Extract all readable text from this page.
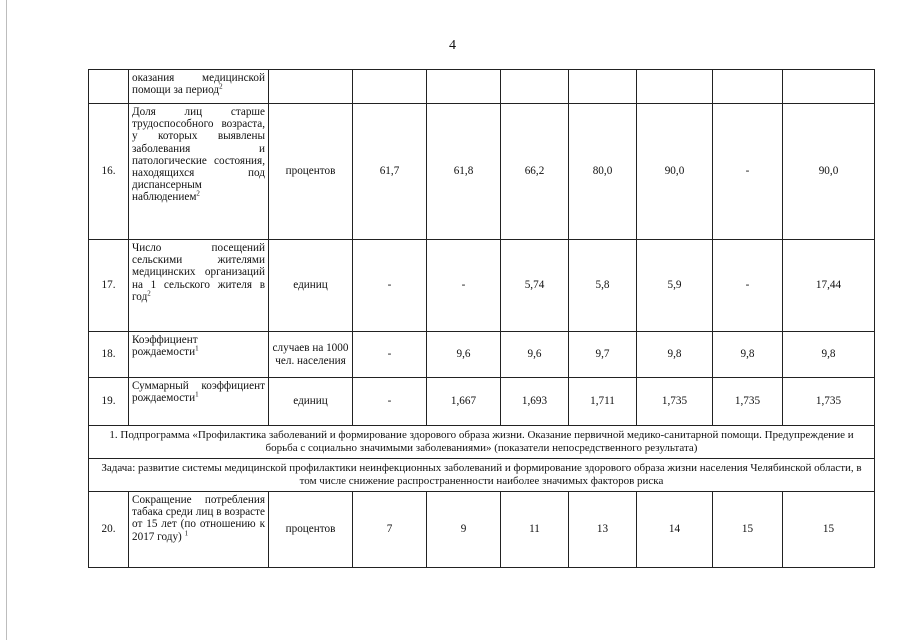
4
	оказания медицинской помощи за период$^2$								
16.	Доля лиц старше трудоспособного возраста, у которых выявлены заболевания и патологические состояния, находящихся под диспансерным наблюдением$^2$	процентов	61,7	61,8	66,2	80,0	90,0	-	90,0
17.	Число посещений сельскими жителями медицинских организаций на 1 сельского жителя в год$^2$	единиц	-	-	5,74	5,8	5,9	-	17,44
18.	Коэффициент рождаемости$^1$	случаев на 1000 чел. населения	-	9,6	9,6	9,7	9,8	9,8	9,8
19.	Суммарный коэффициент рождаемости$^1$	единиц	-	1,667	1,693	1,711	1,735	1,735	1,735
1. Подпрограмма «Профилактика заболеваний и формирование здорового образа жизни. Оказание первичной медико-санитарной помощи. Предупреждение и борьба с социально значимыми заболеваниями» (показатели непосредственного результата)									
Задача: развитие системы медицинской профилактики неинфекционных заболеваний и формирование здорового образа жизни населения Челябинской области, в том числе снижение распространенности наиболее значимых факторов риска									
20.	Сокращение потребления табака среди лиц в возрасте от 15 лет (по отношению к 2017 году) $^1$	процентов	7	9	11	13	14	15	15
